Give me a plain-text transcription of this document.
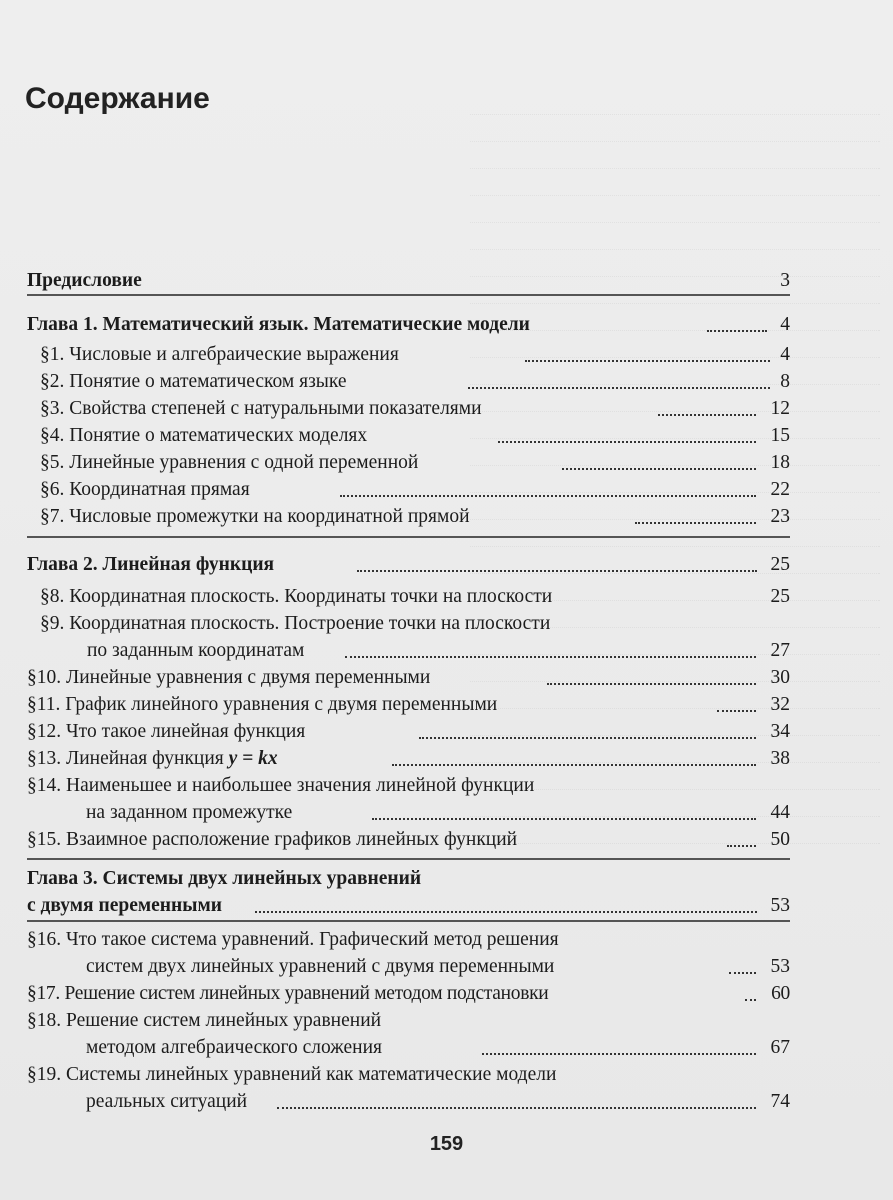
Содержание
Предисловие	3
Глава 1. Математический язык. Математические модели	4
§1. Числовые и алгебраические выражения	4
§2. Понятие о математическом языке	8
§3. Свойства степеней с натуральными показателями	12
§4. Понятие о математических моделях	15
§5. Линейные уравнения с одной переменной	18
§6. Координатная прямая	22
§7. Числовые промежутки на координатной прямой	23
Глава 2. Линейная функция	25
§8. Координатная плоскость. Координаты точки на плоскости	25
§9. Координатная плоскость. Построение точки на плоскости
по заданным координатам	27
§10. Линейные уравнения с двумя переменными	30
§11. График линейного уравнения с двумя переменными	32
§12. Что такое линейная функция	34
§13. Линейная функция y = kx	38
§14. Наименьшее и наибольшее значения линейной функции
на заданном промежутке	44
§15. Взаимное расположение графиков линейных функций	50
Глава 3. Системы двух линейных уравнений
с двумя переменными	53
§16. Что такое система уравнений. Графический метод решения
систем двух линейных уравнений с двумя переменными	53
§17. Решение систем линейных уравнений методом подстановки	60
§18. Решение систем линейных уравнений
методом алгебраического сложения	67
§19. Системы линейных уравнений как математические модели
реальных ситуаций	74
159
